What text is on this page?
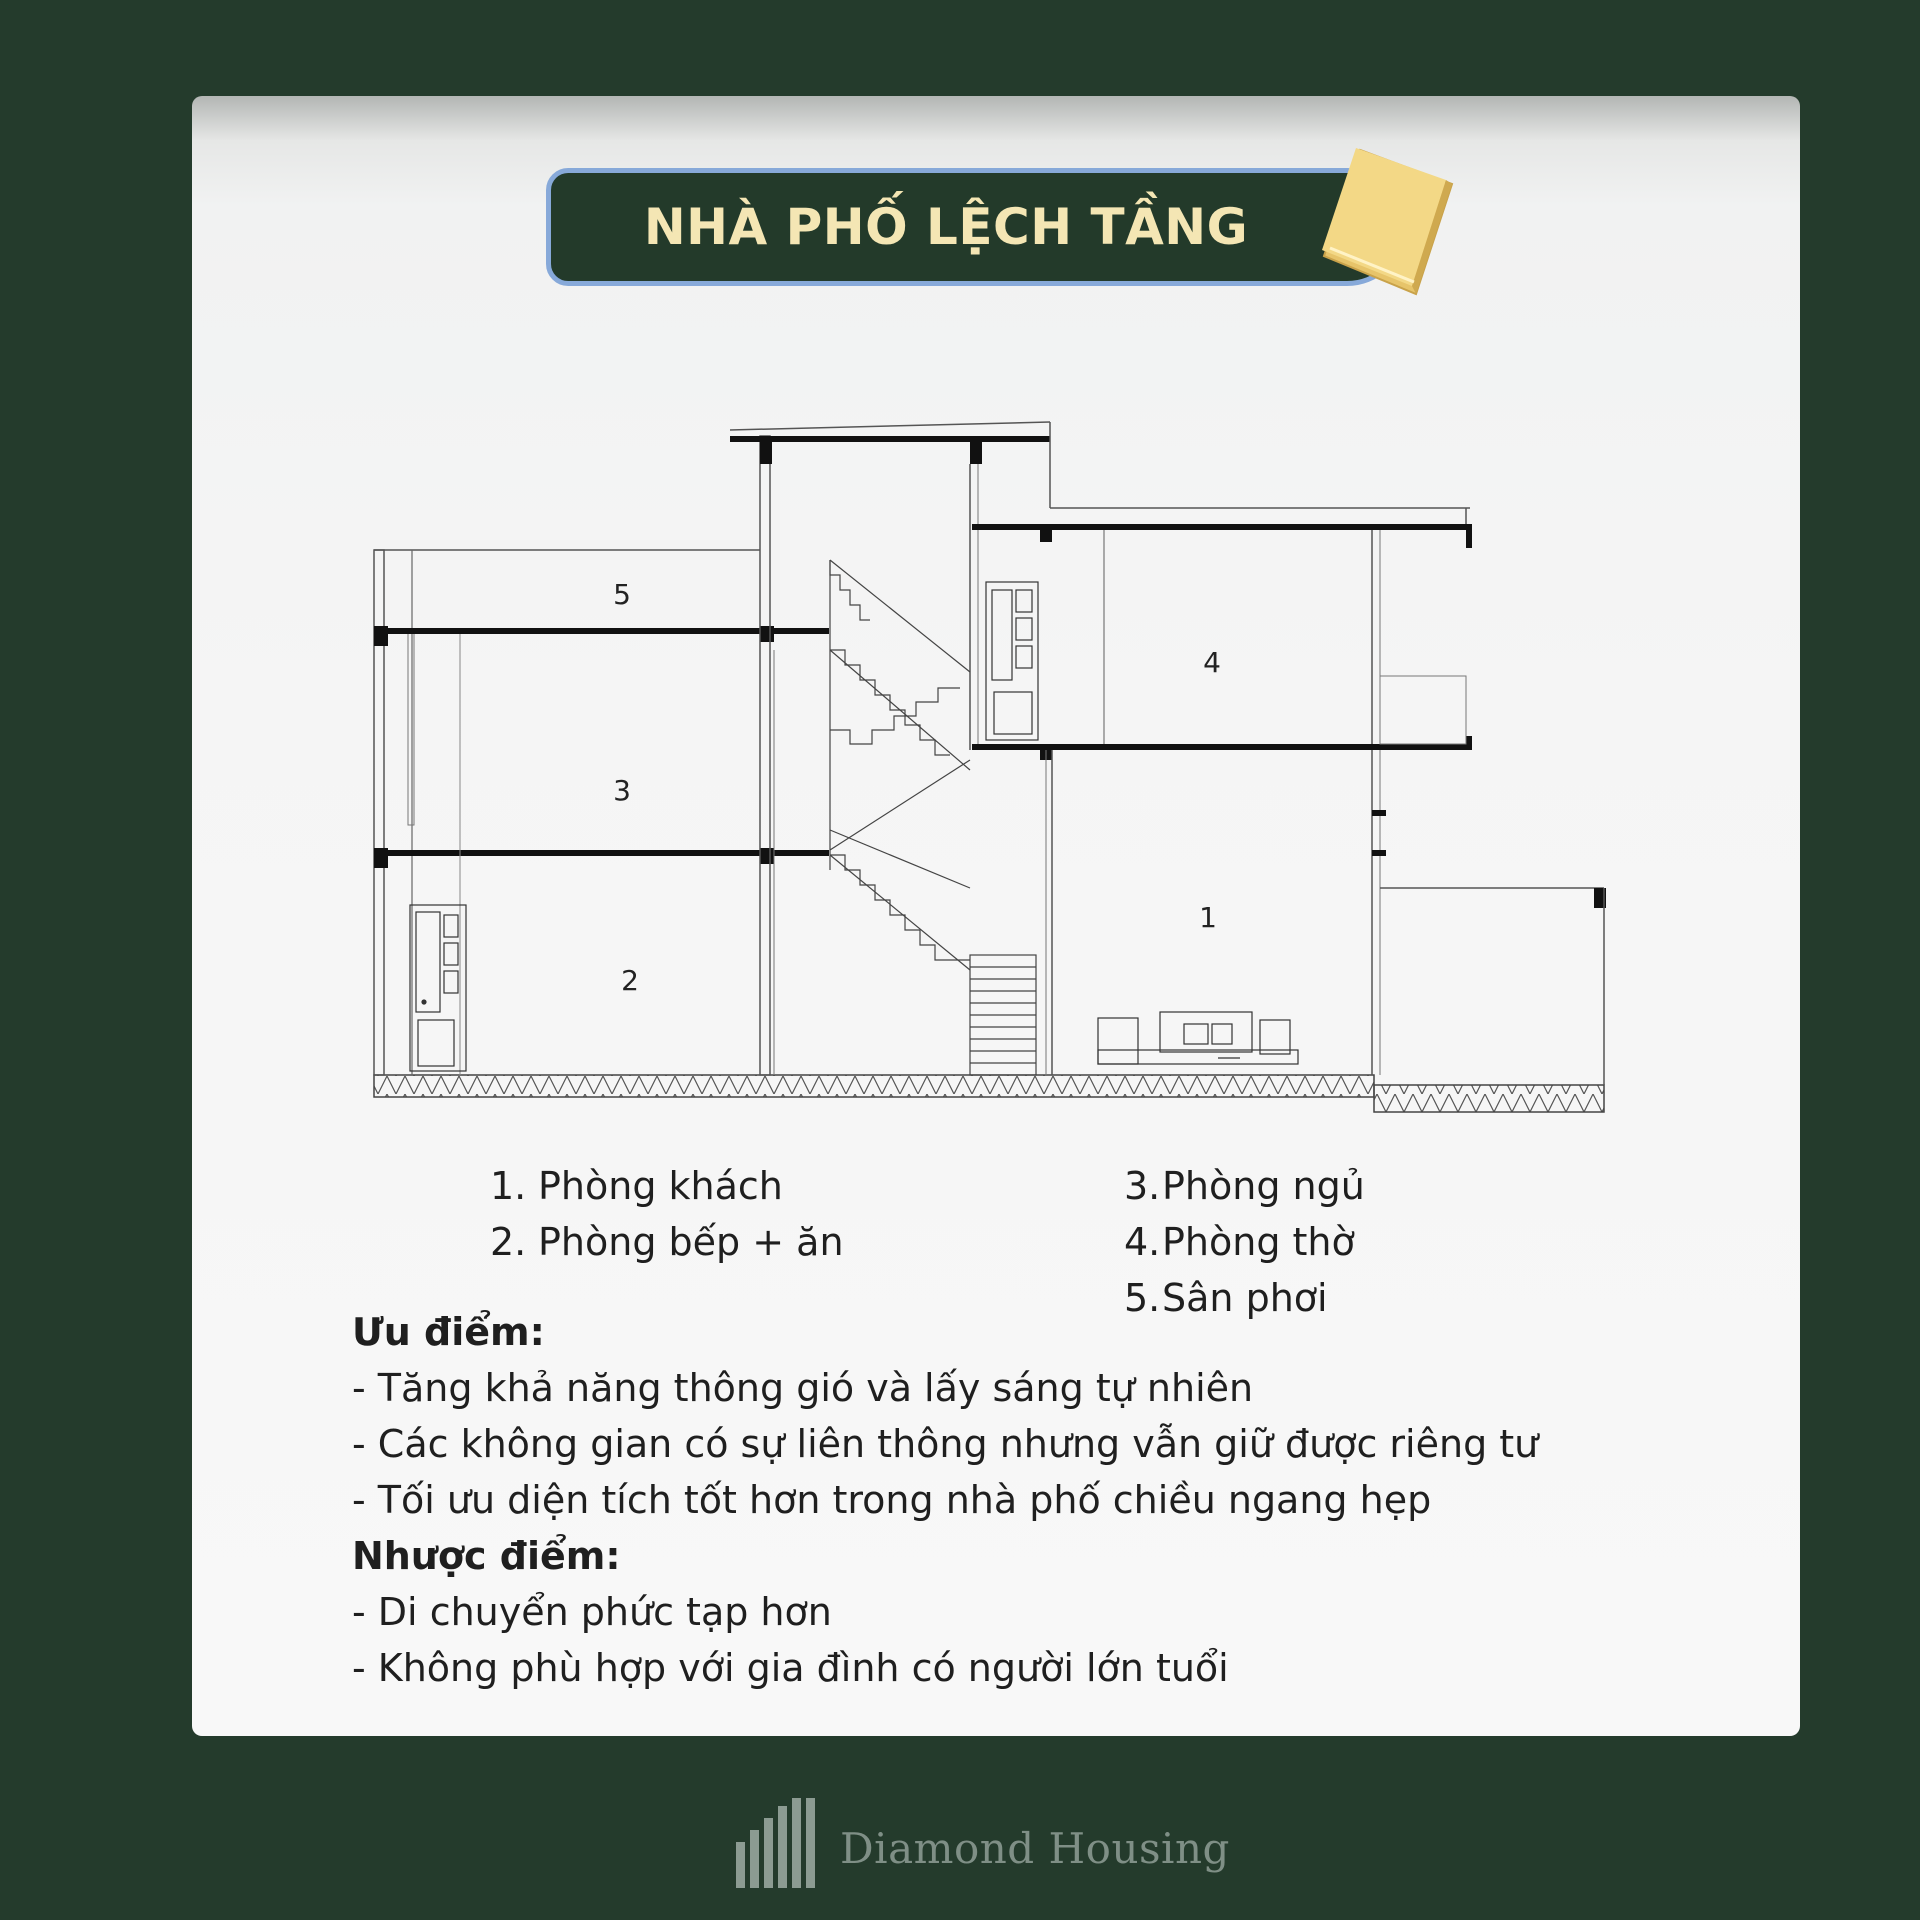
NHÀ PHỐ LỆCH TẦNG
5
3
2
4
1
1. Phòng khách
2. Phòng bếp + ăn
3.Phòng ngủ
4.Phòng thờ
5.Sân phơi
Ưu điểm:
- Tăng khả năng thông gió và lấy sáng tự nhiên
- Các không gian có sự liên thông nhưng vẫn giữ được riêng tư
- Tối ưu diện tích tốt hơn trong nhà phố chiều ngang hẹp
Nhược điểm:
- Di chuyển phức tạp hơn
- Không phù hợp với gia đình có người lớn tuổi
Diamond Housing
